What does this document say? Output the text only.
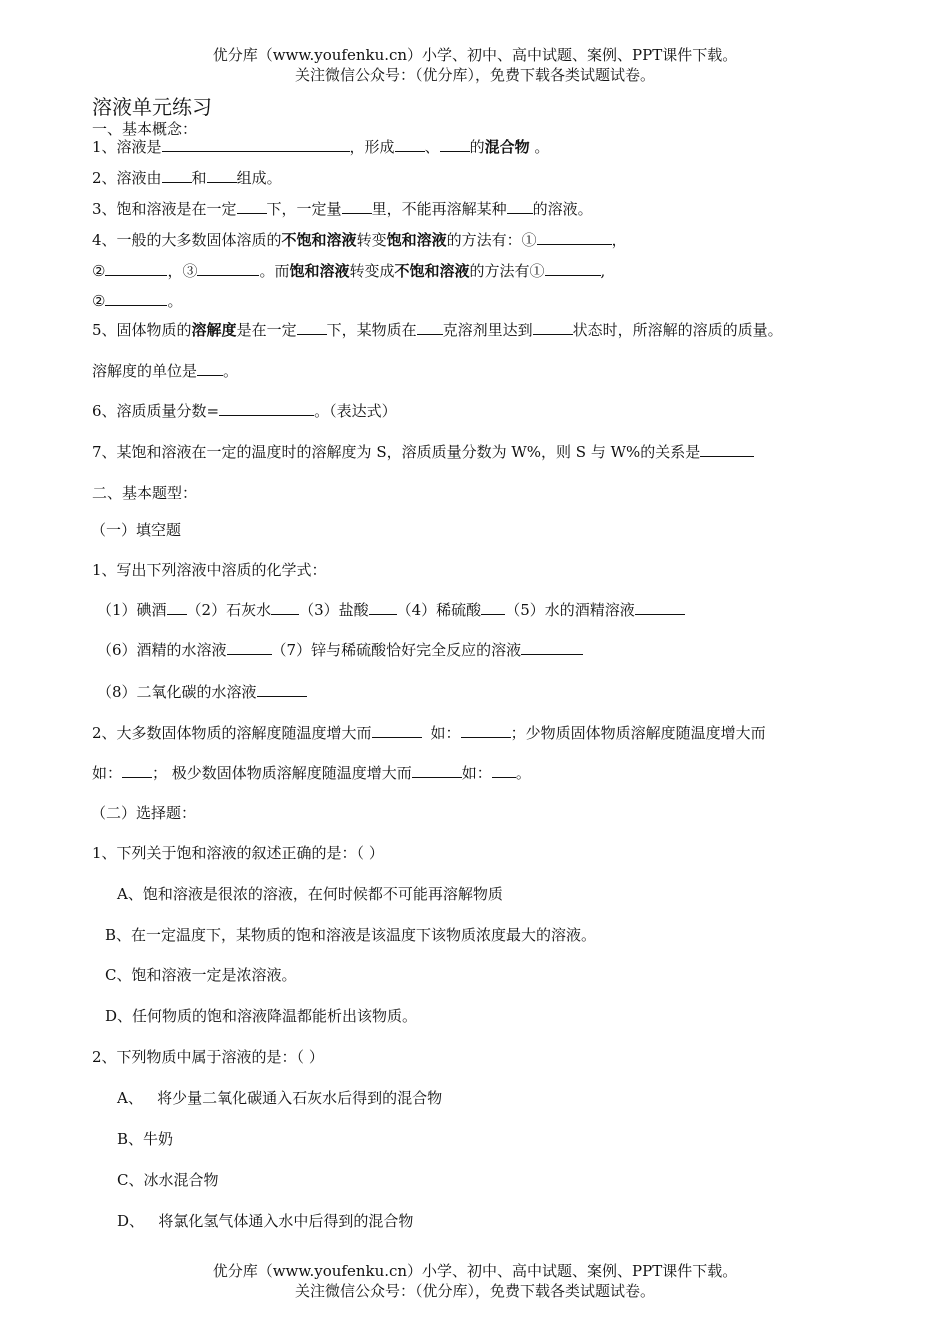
优分库（www.youfenku.cn）小学、初中、高中试题、案例、PPT课件下载。
关注微信公众号：（优分库），免费下载各类试题试卷。
溶液单元练习
一、基本概念：
1、溶液是	，形成 、 的混合物 。
2、溶液由 和 组成。
3、饱和溶液是在一定 下，一定量 里，不能再溶解某种 的溶液。
4、一般的大多数固体溶质的不饱和溶液转变饱和溶液的方法有：①	，
②	，③	。而饱和溶液转变成不饱和溶液的方法有①	,
②	。
5、固体物质的溶解度是在一定 下，某物质在 克溶剂里达到	状态时，所溶解的溶质的质量。
溶解度的单位是 。
6、溶质质量分数=	。（表达式）
7、某饱和溶液在一定的温度时的溶解度为 S，溶质质量分数为 W%，则 S 与 W%的关系是
二、基本题型：
（一）填空题
1、写出下列溶液中溶质的化学式：
（1）碘酒 （2）石灰水 （3）盐酸 （4）稀硫酸 （5）水的酒精溶液
（6）酒精的水溶液	（7）锌与稀硫酸恰好完全反应的溶液
（8）二氧化碳的水溶液
2、大多数固体物质的溶解度随温度增大而	如：	；少物质固体物质溶解度随温度增大而
如： ； 极少数固体物质溶解度随温度增大而	如： 。
（二）选择题：
1、下列关于饱和溶液的叙述正确的是：（ ）
A、饱和溶液是很浓的溶液，在何时候都不可能再溶解物质
B、在一定温度下，某物质的饱和溶液是该温度下该物质浓度最大的溶液。
C、饱和溶液一定是浓溶液。
D、任何物质的饱和溶液降温都能析出该物质。
2、下列物质中属于溶液的是：（ ）
A、   将少量二氧化碳通入石灰水后得到的混合物
B、牛奶
C、冰水混合物
D、   将氯化氢气体通入水中后得到的混合物
优分库（www.youfenku.cn）小学、初中、高中试题、案例、PPT课件下载。
关注微信公众号：（优分库），免费下载各类试题试卷。
